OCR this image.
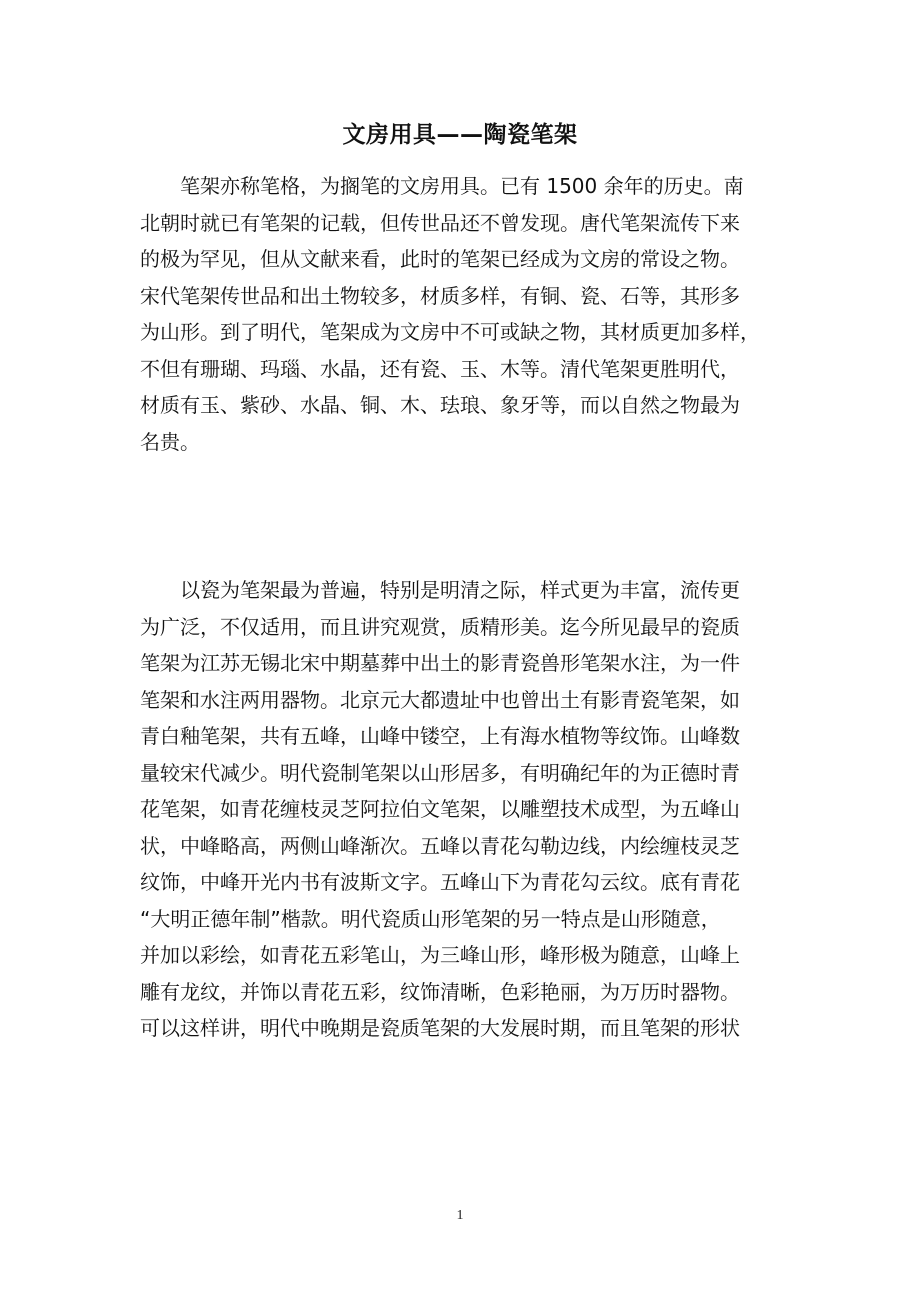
文房用具——陶瓷笔架
笔架亦称笔格，为搁笔的文房用具。已有 1500 余年的历史。南
北朝时就已有笔架的记载，但传世品还不曾发现。唐代笔架流传下来
的极为罕见，但从文献来看，此时的笔架已经成为文房的常设之物。
宋代笔架传世品和出土物较多，材质多样，有铜、瓷、石等，其形多
为山形。到了明代，笔架成为文房中不可或缺之物，其材质更加多样，
不但有珊瑚、玛瑙、水晶，还有瓷、玉、木等。清代笔架更胜明代，
材质有玉、紫砂、水晶、铜、木、珐琅、象牙等，而以自然之物最为
名贵。
以瓷为笔架最为普遍，特别是明清之际，样式更为丰富，流传更
为广泛，不仅适用，而且讲究观赏，质精形美。迄今所见最早的瓷质
笔架为江苏无锡北宋中期墓葬中出土的影青瓷兽形笔架水注，为一件
笔架和水注两用器物。北京元大都遗址中也曾出土有影青瓷笔架，如
青白釉笔架，共有五峰，山峰中镂空，上有海水植物等纹饰。山峰数
量较宋代减少。明代瓷制笔架以山形居多，有明确纪年的为正德时青
花笔架，如青花缠枝灵芝阿拉伯文笔架，以雕塑技术成型，为五峰山
状，中峰略高，两侧山峰渐次。五峰以青花勾勒边线，内绘缠枝灵芝
纹饰，中峰开光内书有波斯文字。五峰山下为青花勾云纹。底有青花
“大明正德年制”楷款。明代瓷质山形笔架的另一特点是山形随意，
并加以彩绘，如青花五彩笔山，为三峰山形，峰形极为随意，山峰上
雕有龙纹，并饰以青花五彩，纹饰清晰，色彩艳丽，为万历时器物。
可以这样讲，明代中晚期是瓷质笔架的大发展时期，而且笔架的形状
1
